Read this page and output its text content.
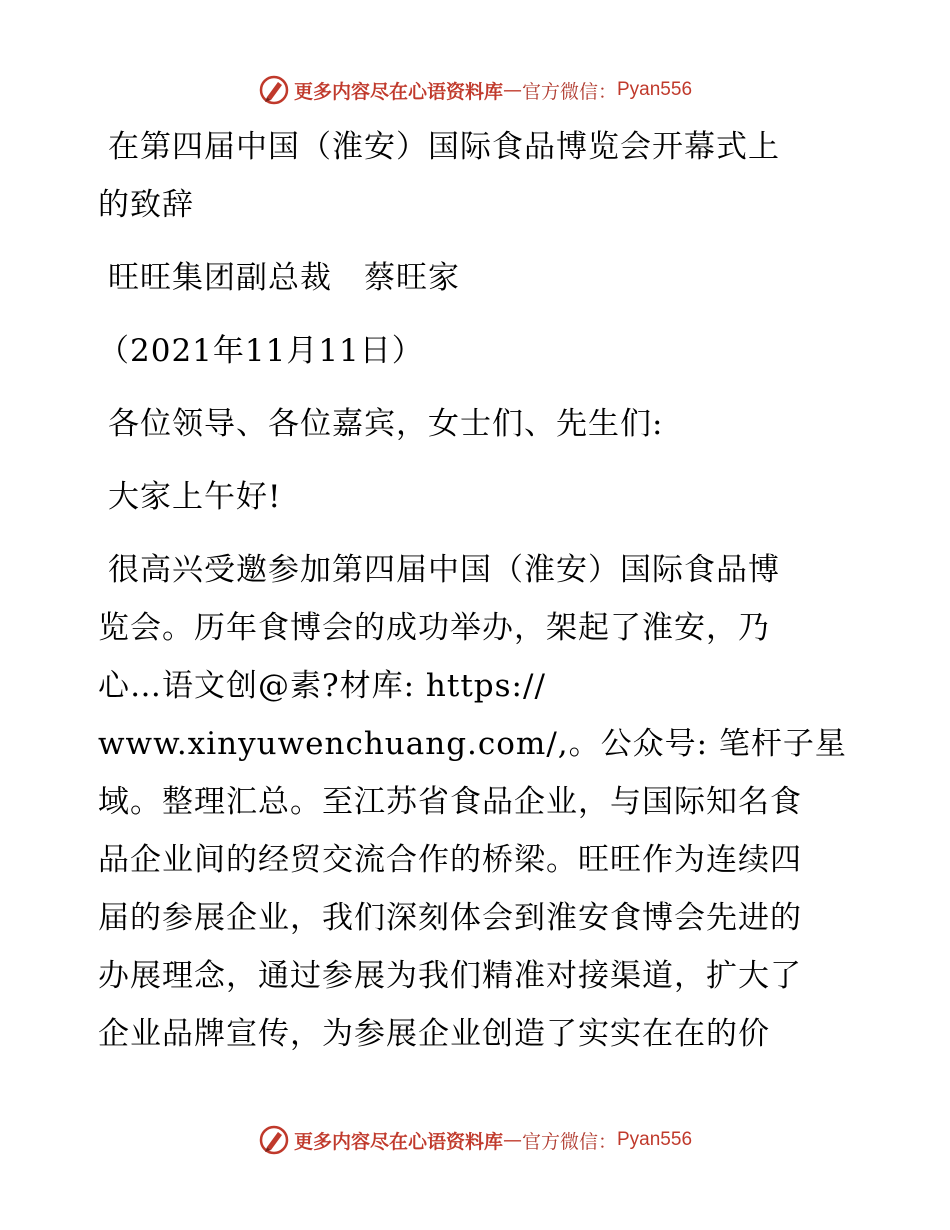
更多内容尽在心语资料库 — 官方微信： Pyan556
在第四届中国（淮安）国际食品博览会开幕式上
的致辞
旺旺集团副总裁　蔡旺家
（2021年11月11日）
各位领导、各位嘉宾，女士们、先生们:
大家上午好!
很高兴受邀参加第四届中国（淮安）国际食品博
览会。历年食博会的成功举办，架起了淮安，乃
心…语文创@素?材库: https://
www.xinyuwenchuang.com/,。公众号: 笔杆子星
域。整理汇总。至江苏省食品企业，与国际知名食
品企业间的经贸交流合作的桥梁。旺旺作为连续四
届的参展企业，我们深刻体会到淮安食博会先进的
办展理念，通过参展为我们精准对接渠道，扩大了
企业品牌宣传，为参展企业创造了实实在在的价
更多内容尽在心语资料库 — 官方微信： Pyan556
